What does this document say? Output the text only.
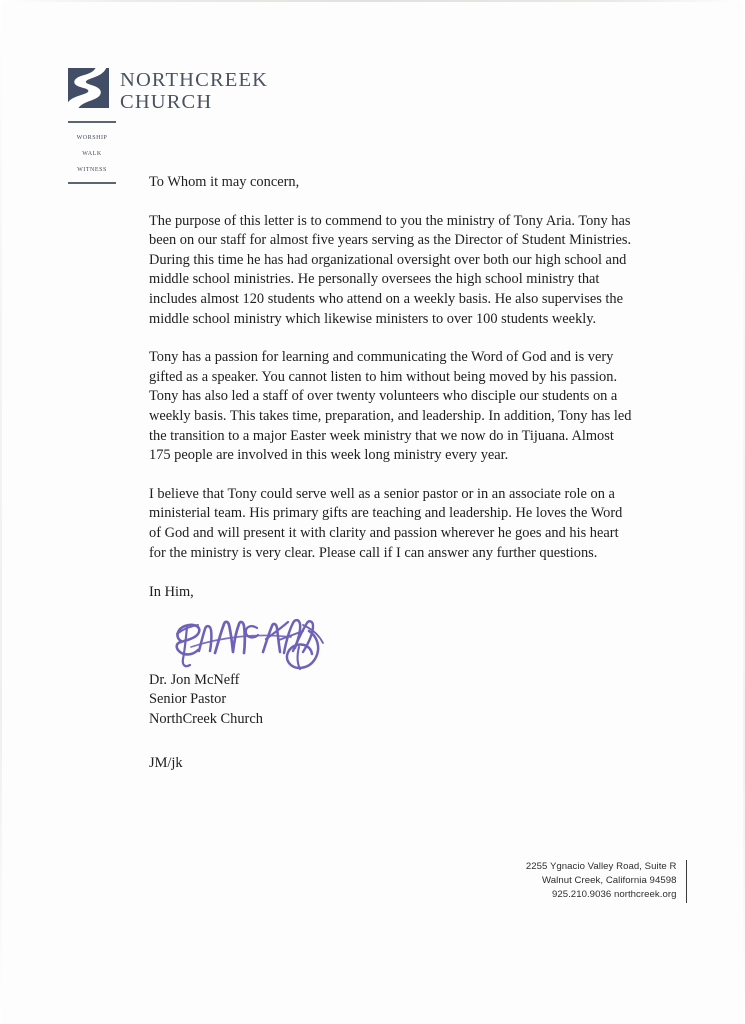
NORTHCREEK
CHURCH
worship
walk
witness

To Whom it may concern,

The purpose of this letter is to commend to you the ministry of Tony Aria. Tony has been on our staff for almost five years serving as the Director of Student Ministries. During this time he has had organizational oversight over both our high school and middle school ministries. He personally oversees the high school ministry that includes almost 120 students who attend on a weekly basis. He also supervises the middle school ministry which likewise ministers to over 100 students weekly.

Tony has a passion for learning and communicating the Word of God and is very gifted as a speaker. You cannot listen to him without being moved by his passion. Tony has also led a staff of over twenty volunteers who disciple our students on a weekly basis. This takes time, preparation, and leadership. In addition, Tony has led the transition to a major Easter week ministry that we now do in Tijuana. Almost 175 people are involved in this week long ministry every year.

I believe that Tony could serve well as a senior pastor or in an associate role on a ministerial team. His primary gifts are teaching and leadership. He loves the Word of God and will present it with clarity and passion wherever he goes and his heart for the ministry is very clear. Please call if I can answer any further questions.

In Him,

Dr. Jon McNeff
Senior Pastor
NorthCreek Church
JM/jk
2255 Ygnacio Valley Road, Suite R
Walnut Creek, California 94598
925.210.9036 northcreek.org
